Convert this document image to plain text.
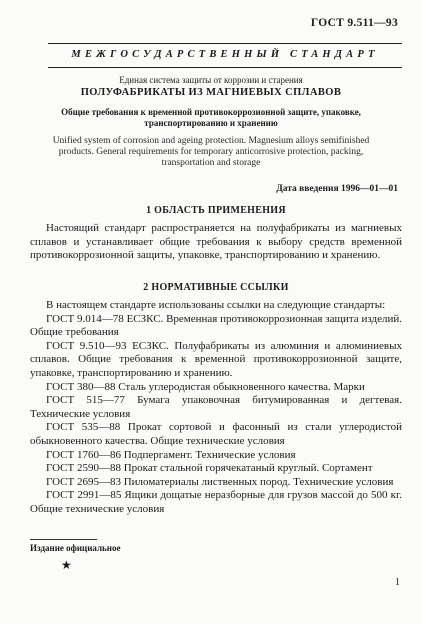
ГОСТ 9.511—93
МЕЖГОСУДАРСТВЕННЫЙ СТАНДАРТ
Единая система защиты от коррозии и старения
ПОЛУФАБРИКАТЫ ИЗ МАГНИЕВЫХ СПЛАВОВ
Общие требования к временной противокоррозионной защите, упаковке, транспортированию и хранению
Unified system of corrosion and ageing protection. Magnesium alloys semifinished products. General requirements for temporary anticorrosive protection, packing, transportation and storage
Дата введения 1996—01—01
1 ОБЛАСТЬ ПРИМЕНЕНИЯ
Настоящий стандарт распространяется на полуфабрикаты из магниевых сплавов и устанавливает общие требования к выбору средств временной противокоррозионной защиты, упаковке, транспортированию и хранению.
2 НОРМАТИВНЫЕ ССЫЛКИ
В настоящем стандарте использованы ссылки на следующие стандарты:
ГОСТ 9.014—78 ЕСЗКС. Временная противокоррозионная защита изделий. Общие требования
ГОСТ 9.510—93 ЕСЗКС. Полуфабрикаты из алюминия и алюминиевых сплавов. Общие требования к временной противокоррозионной защите, упаковке, транспортированию и хранению.
ГОСТ 380—88 Сталь углеродистая обыкновенного качества. Марки
ГОСТ 515—77 Бумага упаковочная битумированная и дегтевая. Технические условия
ГОСТ 535—88 Прокат сортовой и фасонный из стали углеродистой обыкновенного качества. Общие технические условия
ГОСТ 1760—86 Подпергамент. Технические условия
ГОСТ 2590—88 Прокат стальной горячекатаный круглый. Сортамент
ГОСТ 2695—83 Пиломатериалы лиственных пород. Технические условия
ГОСТ 2991—85 Ящики дощатые неразборные для грузов массой до 500 кг. Общие технические условия
Издание официальное
★
1
